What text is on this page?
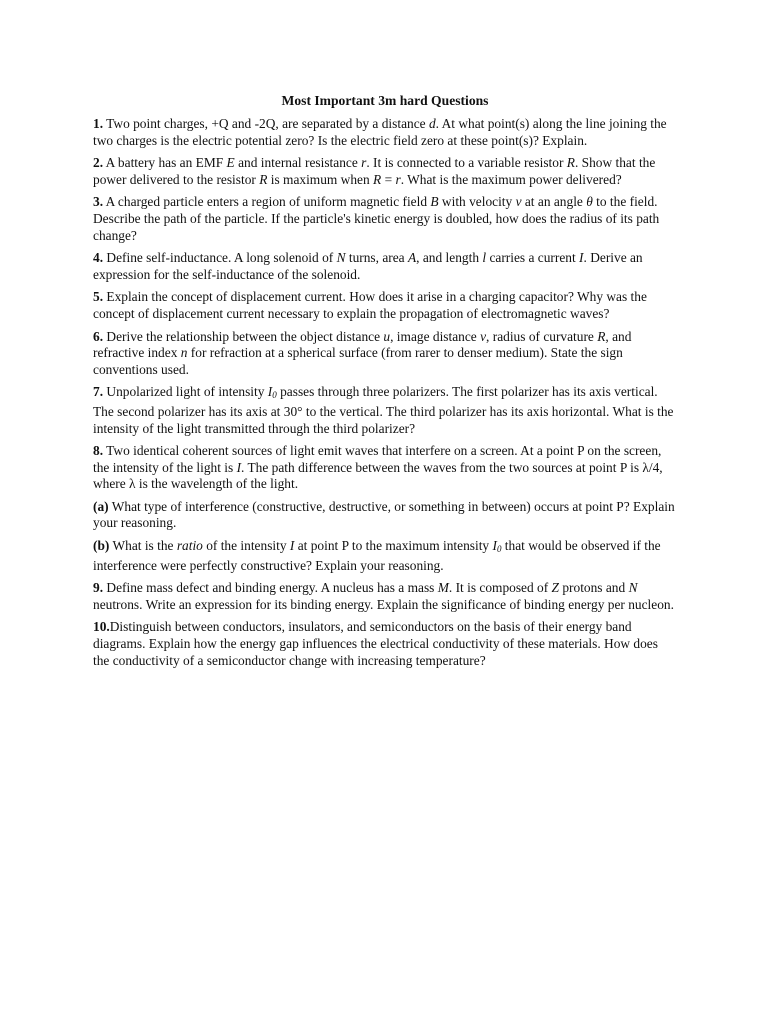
Most Important 3m hard Questions

1. Two point charges, +Q and -2Q, are separated by a distance d. At what point(s) along the line joining the two charges is the electric potential zero? Is the electric field zero at these point(s)? Explain.

2. A battery has an EMF E and internal resistance r. It is connected to a variable resistor R. Show that the power delivered to the resistor R is maximum when R = r. What is the maximum power delivered?

3. A charged particle enters a region of uniform magnetic field B with velocity v at an angle θ to the field. Describe the path of the particle. If the particle's kinetic energy is doubled, how does the radius of its path change?

4. Define self-inductance. A long solenoid of N turns, area A, and length l carries a current I. Derive an expression for the self-inductance of the solenoid.

5. Explain the concept of displacement current. How does it arise in a charging capacitor? Why was the concept of displacement current necessary to explain the propagation of electromagnetic waves?

6. Derive the relationship between the object distance u, image distance v, radius of curvature R, and refractive index n for refraction at a spherical surface (from rarer to denser medium). State the sign conventions used.

7. Unpolarized light of intensity $I_0$ passes through three polarizers. The first polarizer has its axis vertical. The second polarizer has its axis at 30° to the vertical. The third polarizer has its axis horizontal. What is the intensity of the light transmitted through the third polarizer?

8. Two identical coherent sources of light emit waves that interfere on a screen. At a point P on the screen, the intensity of the light is I. The path difference between the waves from the two sources at point P is λ/4, where λ is the wavelength of the light.

(a) What type of interference (constructive, destructive, or something in between) occurs at point P? Explain your reasoning.

(b) What is the ratio of the intensity I at point P to the maximum intensity $I_0$ that would be observed if the interference were perfectly constructive? Explain your reasoning.

9. Define mass defect and binding energy. A nucleus has a mass M. It is composed of Z protons and N neutrons. Write an expression for its binding energy. Explain the significance of binding energy per nucleon.

10.Distinguish between conductors, insulators, and semiconductors on the basis of their energy band diagrams. Explain how the energy gap influences the electrical conductivity of these materials. How does the conductivity of a semiconductor change with increasing temperature?
